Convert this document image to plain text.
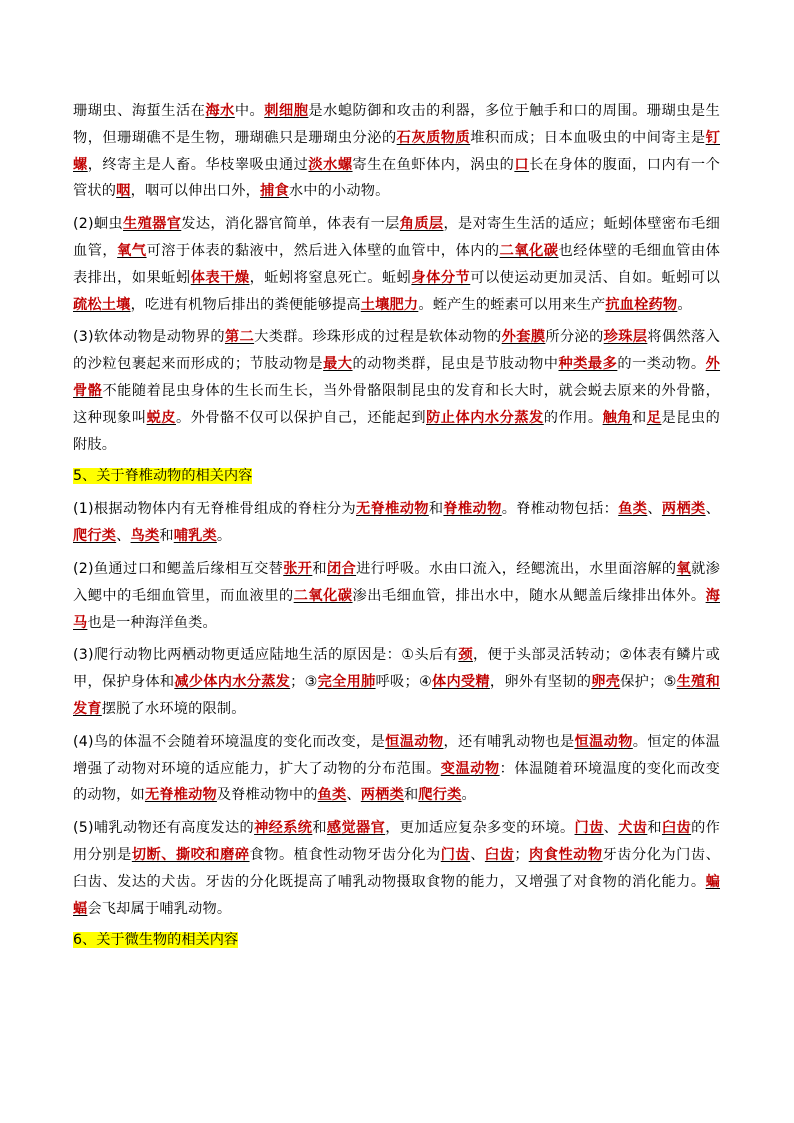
珊瑚虫、海蜇生活在海水中。刺细胞是水螅防御和攻击的利器，多位于触手和口的周围。珊瑚虫是生物，但珊瑚礁不是生物，珊瑚礁只是珊瑚虫分泌的石灰质物质堆积而成；日本血吸虫的中间寄主是钉螺，终寄主是人畜。华枝睾吸虫通过淡水螺寄生在鱼虾体内，涡虫的口长在身体的腹面，口内有一个管状的咽，咽可以伸出口外，捕食水中的小动物。
(2)蛔虫生殖器官发达，消化器官简单，体表有一层角质层，是对寄生生活的适应；蚯蚓体壁密布毛细血管，氧气可溶于体表的黏液中，然后进入体壁的血管中，体内的二氧化碳也经体壁的毛细血管由体表排出，如果蚯蚓体表干燥，蚯蚓将窒息死亡。蚯蚓身体分节可以使运动更加灵活、自如。蚯蚓可以疏松土壤，吃进有机物后排出的粪便能够提高土壤肥力。蛭产生的蛭素可以用来生产抗血栓药物。
(3)软体动物是动物界的第二大类群。珍珠形成的过程是软体动物的外套膜所分泌的珍珠层将偶然落入的沙粒包裹起来而形成的；节肢动物是最大的动物类群，昆虫是节肢动物中种类最多的一类动物。外骨骼不能随着昆虫身体的生长而生长，当外骨骼限制昆虫的发育和长大时，就会蜕去原来的外骨骼，这种现象叫蜕皮。外骨骼不仅可以保护自己，还能起到防止体内水分蒸发的作用。触角和足是昆虫的附肢。
5、关于脊椎动物的相关内容
(1)根据动物体内有无脊椎骨组成的脊柱分为无脊椎动物和脊椎动物。脊椎动物包括：鱼类、两栖类、爬行类、鸟类和哺乳类。
(2)鱼通过口和鳃盖后缘相互交替张开和闭合进行呼吸。水由口流入，经鳃流出，水里面溶解的氧就渗入鳃中的毛细血管里，而血液里的二氧化碳渗出毛细血管，排出水中，随水从鳃盖后缘排出体外。海马也是一种海洋鱼类。
(3)爬行动物比两栖动物更适应陆地生活的原因是：①头后有颈，便于头部灵活转动；②体表有鳞片或甲，保护身体和减少体内水分蒸发；③完全用肺呼吸；④体内受精，卵外有坚韧的卵壳保护；⑤生殖和发育摆脱了水环境的限制。
(4)鸟的体温不会随着环境温度的变化而改变，是恒温动物，还有哺乳动物也是恒温动物。恒定的体温增强了动物对环境的适应能力，扩大了动物的分布范围。变温动物：体温随着环境温度的变化而改变的动物，如无脊椎动物及脊椎动物中的鱼类、两栖类和爬行类。
(5)哺乳动物还有高度发达的神经系统和感觉器官，更加适应复杂多变的环境。门齿、犬齿和臼齿的作用分别是切断、撕咬和磨碎食物。植食性动物牙齿分化为门齿、臼齿；肉食性动物牙齿分化为门齿、臼齿、发达的犬齿。牙齿的分化既提高了哺乳动物摄取食物的能力，又增强了对食物的消化能力。蝙蝠会飞却属于哺乳动物。
6、关于微生物的相关内容
